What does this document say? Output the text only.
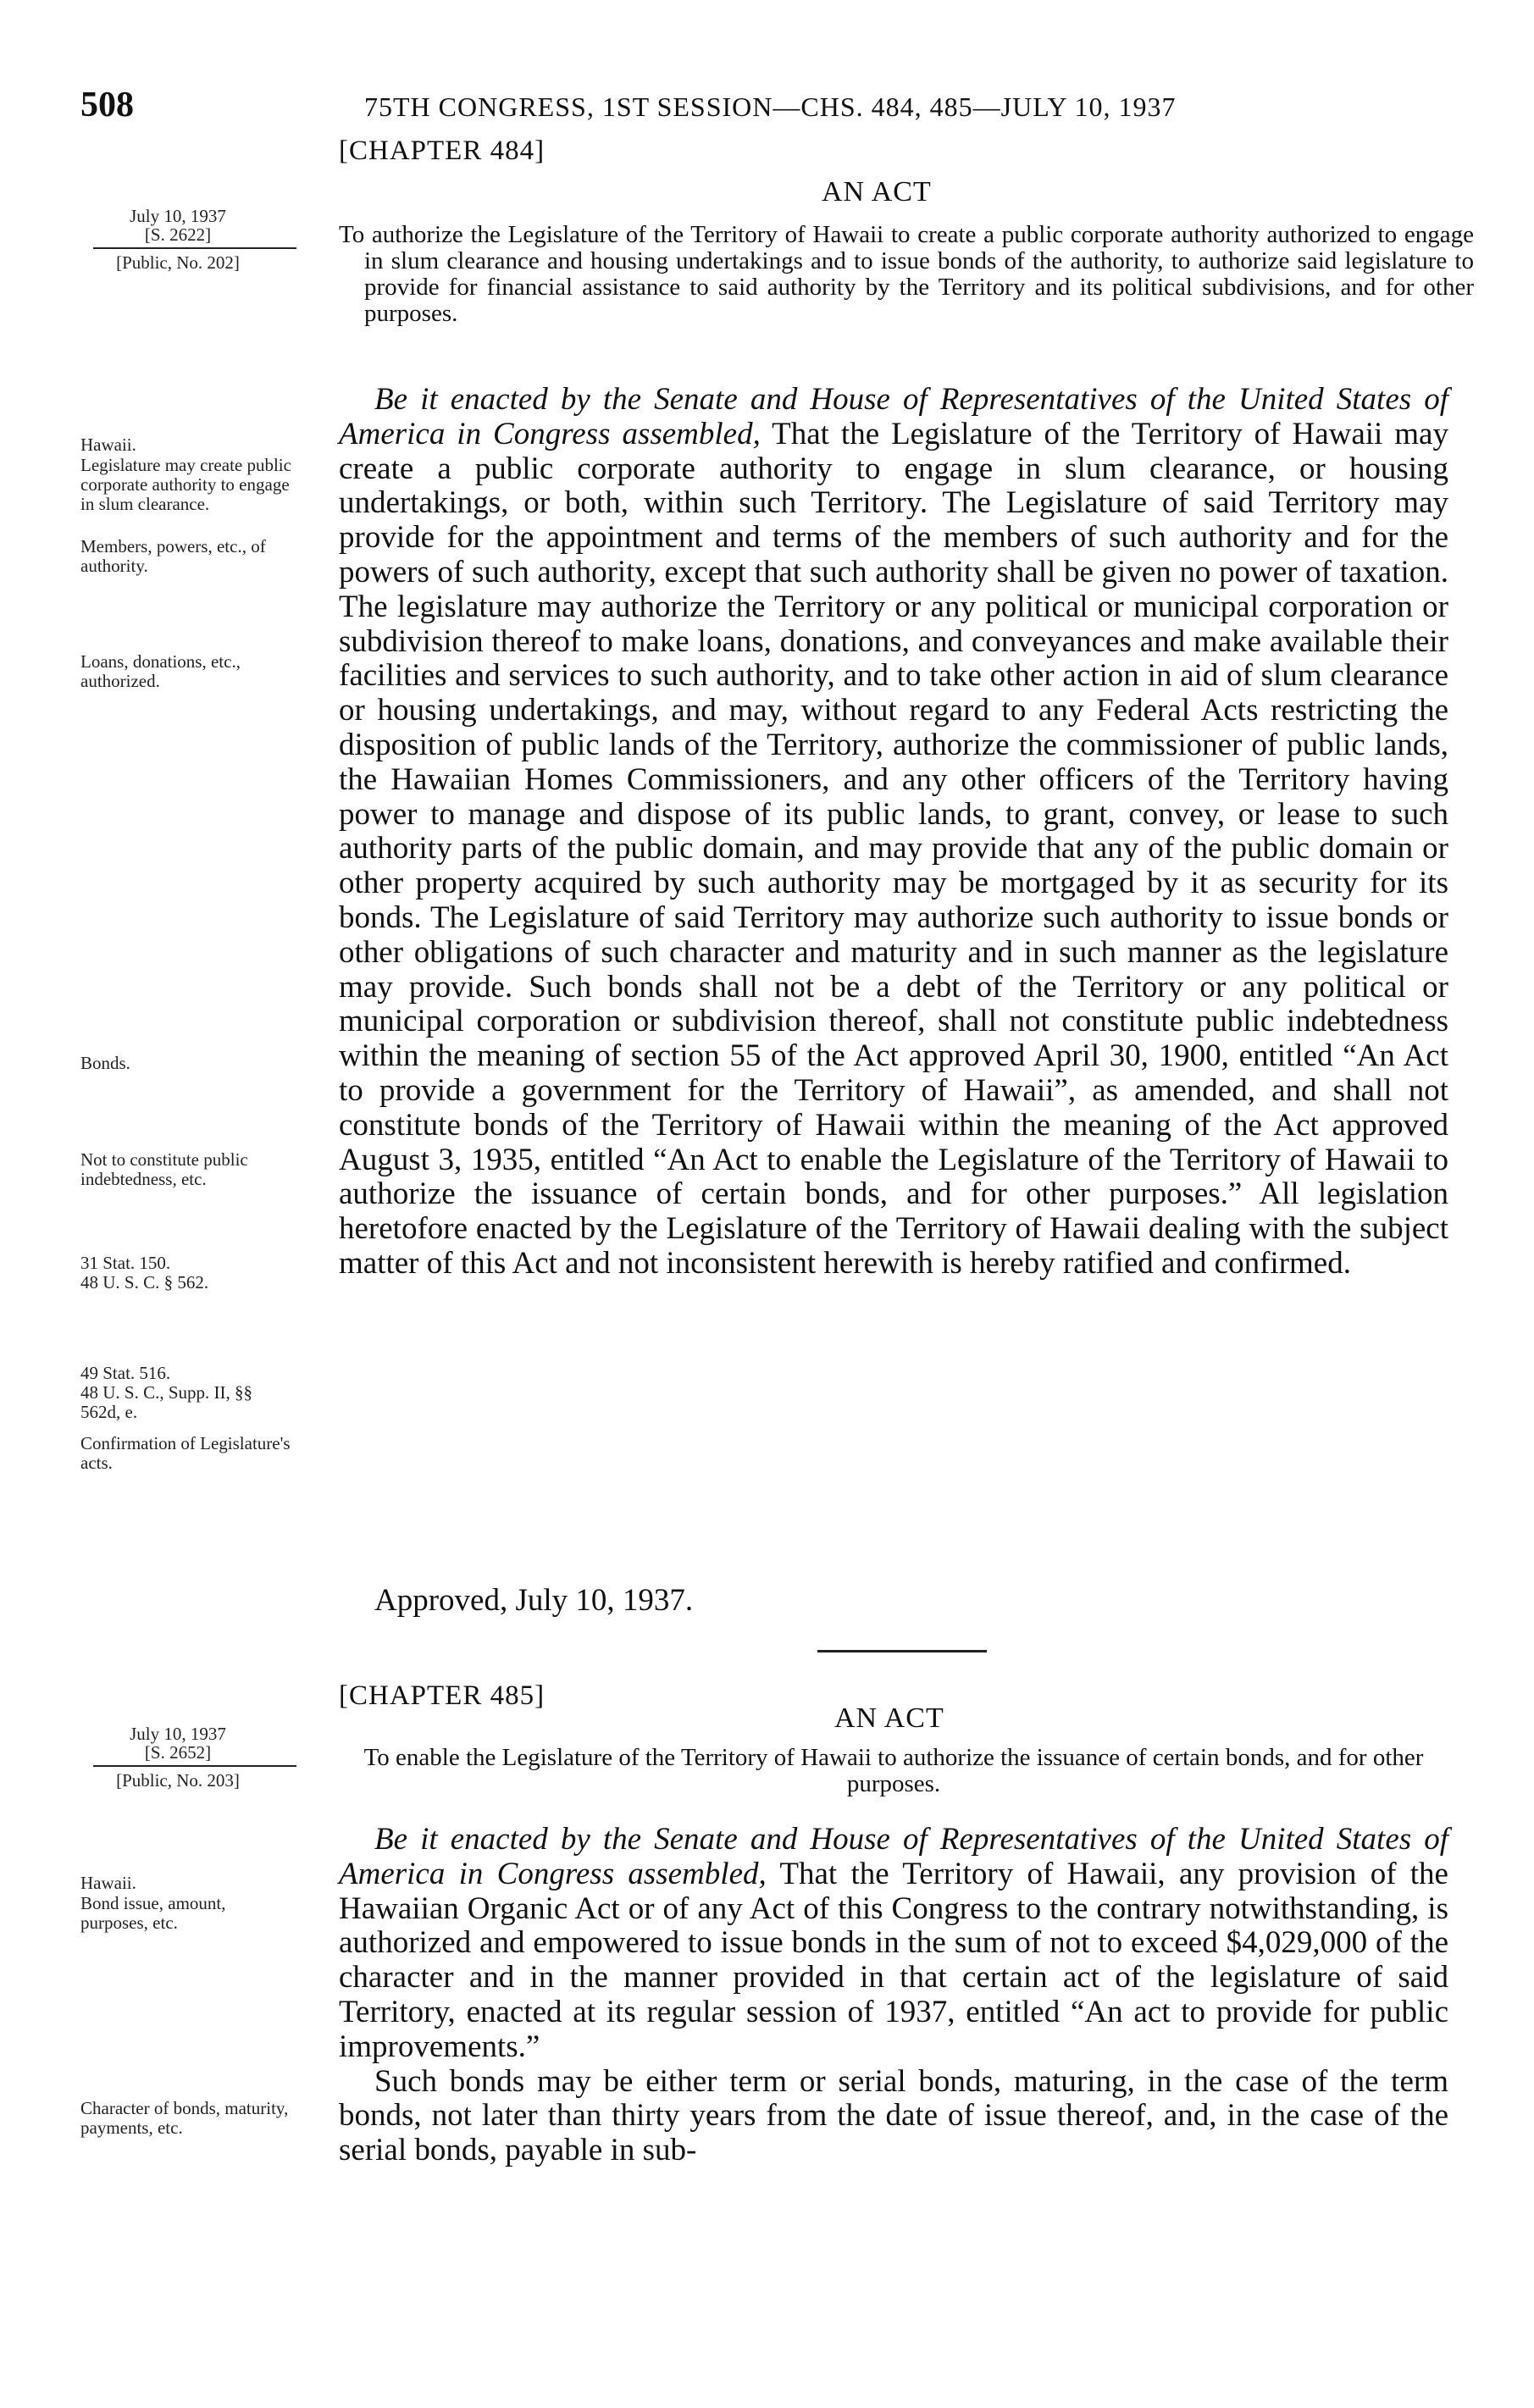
508	75TH CONGRESS, 1ST SESSION—CHS. 484, 485—JULY 10, 1937
[CHAPTER 484]
AN ACT
July 10, 1937
[S. 2622]
[Public, No. 202]
To authorize the Legislature of the Territory of Hawaii to create a public corporate authority authorized to engage in slum clearance and housing undertakings and to issue bonds of the authority, to authorize said legislature to provide for financial assistance to said authority by the Territory and its political subdivisions, and for other purposes.

Be it enacted by the Senate and House of Representatives of the United States of America in Congress assembled, That the Legislature of the Territory of Hawaii may create a public corporate authority to engage in slum clearance, or housing undertakings, or both, within such Territory. The Legislature of said Territory may provide for the appointment and terms of the members of such authority and for the powers of such authority, except that such authority shall be given no power of taxation. The legislature may authorize the Territory or any political or municipal corporation or subdivision thereof to make loans, donations, and conveyances and make available their facilities and services to such authority, and to take other action in aid of slum clearance or housing undertakings, and may, without regard to any Federal Acts restricting the disposition of public lands of the Territory, authorize the commissioner of public lands, the Hawaiian Homes Commissioners, and any other officers of the Territory having power to manage and dispose of its public lands, to grant, convey, or lease to such authority parts of the public domain, and may provide that any of the public domain or other property acquired by such authority may be mortgaged by it as security for its bonds. The Legislature of said Territory may authorize such authority to issue bonds or other obligations of such character and maturity and in such manner as the legislature may provide. Such bonds shall not be a debt of the Territory or any political or municipal corporation or subdivision thereof, shall not constitute public indebtedness within the meaning of section 55 of the Act approved April 30, 1900, entitled “An Act to provide a government for the Territory of Hawaii”, as amended, and shall not constitute bonds of the Territory of Hawaii within the meaning of the Act approved August 3, 1935, entitled “An Act to enable the Legislature of the Territory of Hawaii to authorize the issuance of certain bonds, and for other purposes.” All legislation heretofore enacted by the Legislature of the Territory of Hawaii dealing with the subject matter of this Act and not inconsistent herewith is hereby ratified and confirmed.

Approved, July 10, 1937.
Hawaii.
Legislature may create public corporate authority to engage in slum clearance.
Members, powers, etc., of authority.
Loans, donations, etc., authorized.
Bonds.
Not to constitute public indebtedness, etc.
31 Stat. 150.
48 U. S. C. § 562.
49 Stat. 516.
48 U. S. C., Supp. II, §§ 562d, e.
Confirmation of Legislature's acts.
[CHAPTER 485]
AN ACT
July 10, 1937
[S. 2652]
[Public, No. 203]
To enable the Legislature of the Territory of Hawaii to authorize the issuance of certain bonds, and for other purposes.

Be it enacted by the Senate and House of Representatives of the United States of America in Congress assembled, That the Territory of Hawaii, any provision of the Hawaiian Organic Act or of any Act of this Congress to the contrary notwithstanding, is authorized and empowered to issue bonds in the sum of not to exceed $4,029,000 of the character and in the manner provided in that certain act of the legislature of said Territory, enacted at its regular session of 1937, entitled “An act to provide for public improvements.”

Such bonds may be either term or serial bonds, maturing, in the case of the term bonds, not later than thirty years from the date of issue thereof, and, in the case of the serial bonds, payable in sub-

Hawaii.
Bond issue, amount, purposes, etc.
Character of bonds, maturity, payments, etc.
